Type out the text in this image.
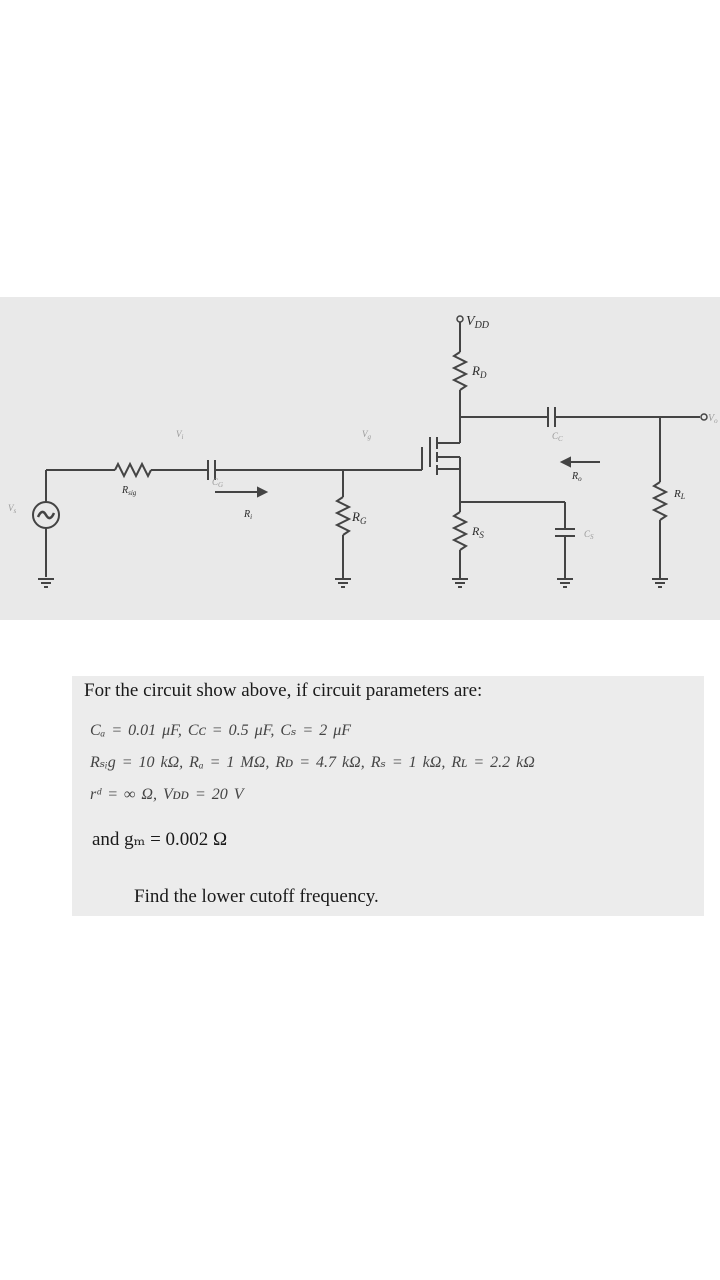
$V_{DD}$
$R_D$
$R_{sig}$
$C_G$
$R_i$	$R_G$
$R_S$
$C_C$
$R_o$
$C_S$
RL
$V_o$
$V_s$
$V_i$	$V_g$
For the circuit show above, if circuit parameters are:
Cₐ = 0.01 μF, Cᴄ = 0.5 μF, Cₛ = 2 μF
Rₛᵢg = 10 kΩ, Rₐ = 1 MΩ, Rᴅ = 4.7 kΩ, Rₛ = 1 kΩ, Rʟ = 2.2 kΩ
rᵈ = ∞ Ω, Vᴅᴅ = 20 V
and gₘ = 0.002 Ω
Find the lower cutoff frequency.
